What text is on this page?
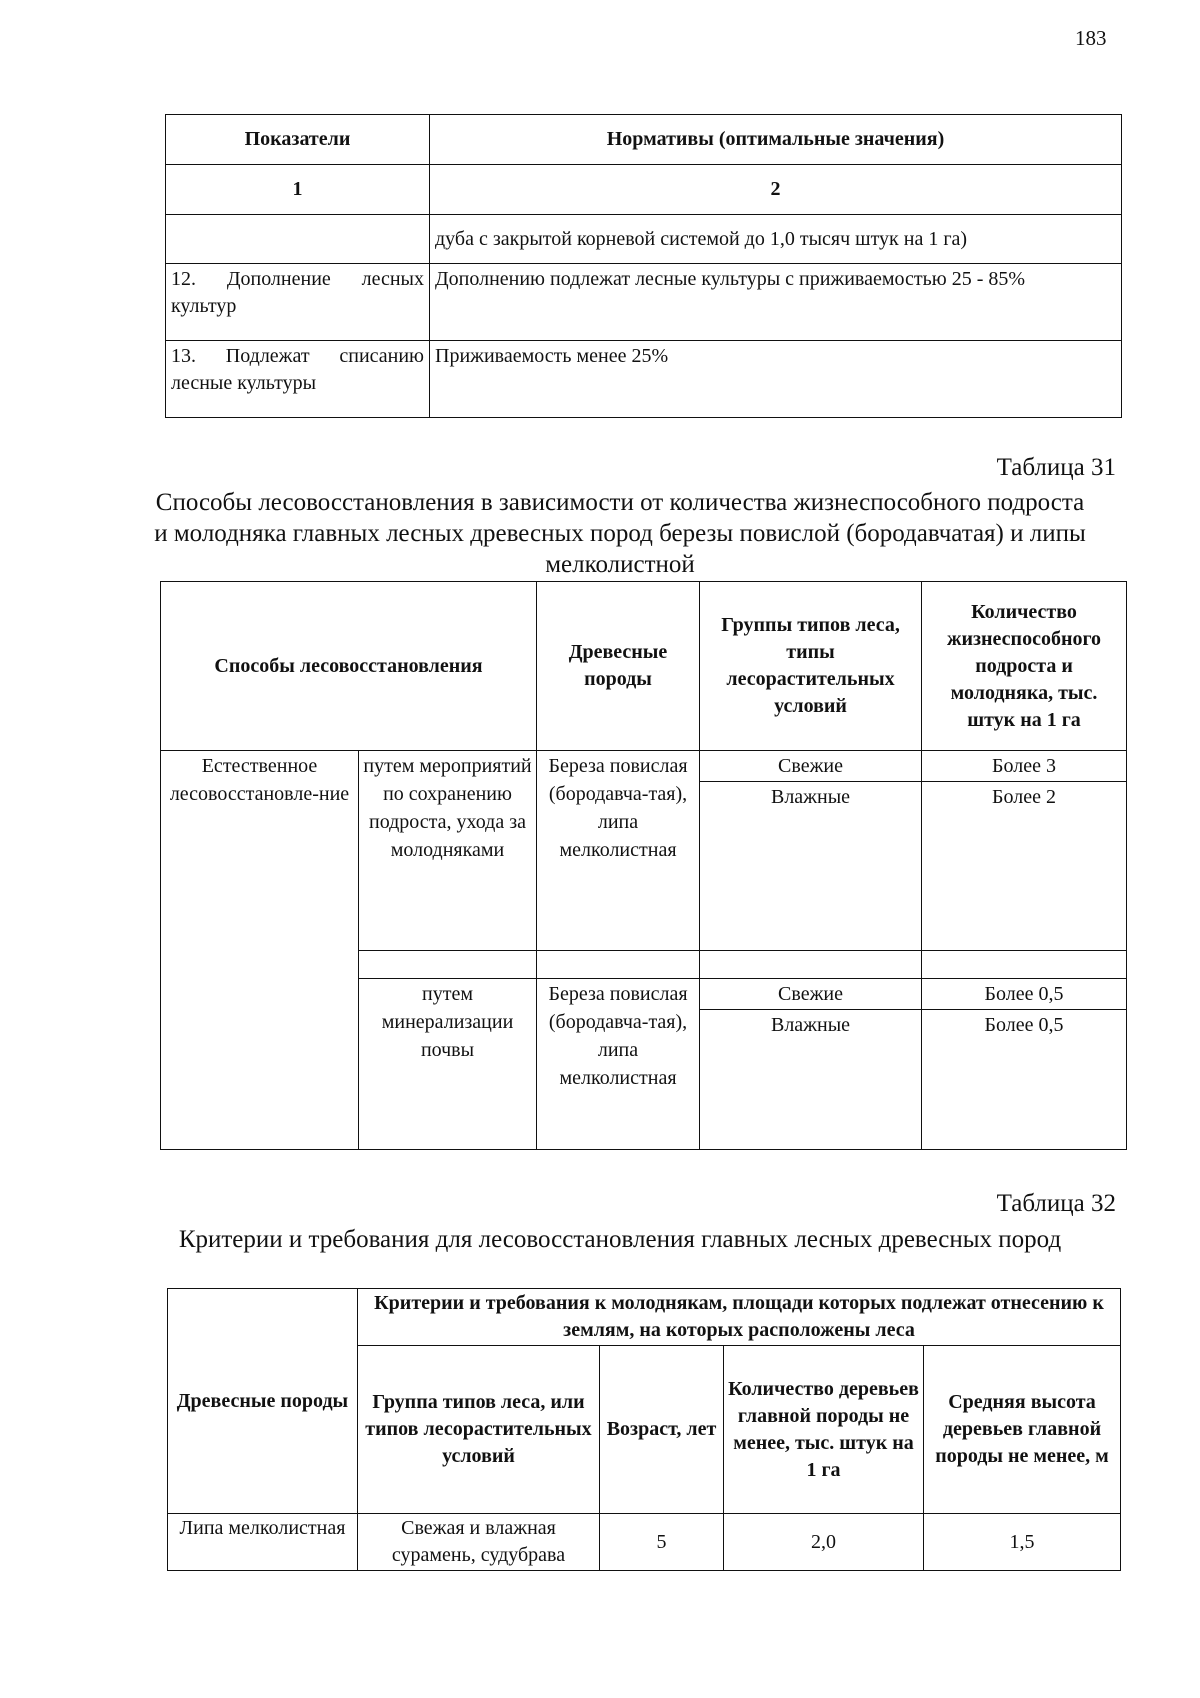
183
Показатели	Нормативы (оптимальные значения)
1	2
	дуба с закрытой корневой системой до 1,0 тысяч штук на 1 га)
12. Дополнение лесных культур	Дополнению подлежат лесные культуры с приживаемостью 25 - 85%
13. Подлежат списанию лесные культуры	Приживаемость менее 25%
Таблица 31
Способы лесовосстановления в зависимости от количества жизнеспособного подроста и молодняка главных лесных древесных пород березы повислой (бородавчатая) и липы мелколистной
Способы лесовосстановления		Древесные породы	Группы типов леса, типы лесорастительных условий	Количество жизнеспособного подроста и молодняка, тыс. штук на 1 га
Естественное лесовосстановле-ние	путем мероприятий по сохранению подроста, ухода за молодняками	Береза повислая (бородавча-тая), липа мелколистная	Свежие	Более 3
			Влажные	Более 2

	путем минерализации почвы	Береза повислая (бородавча-тая), липа мелколистная	Свежие	Более 0,5
			Влажные	Более 0,5
Таблица 32
Критерии и требования для лесовосстановления главных лесных древесных пород
Древесные породы	Критерии и требования к молоднякам, площади которых подлежат отнесению к землям, на которых расположены леса			
	Группа типов леса, или типов лесорастительных условий	Возраст, лет	Количество деревьев главной породы не менее, тыс. штук на 1 га	Средняя высота деревьев главной породы не менее, м
Липа мелколистная	Свежая и влажная сурамень, судубрава	5	2,0	1,5
